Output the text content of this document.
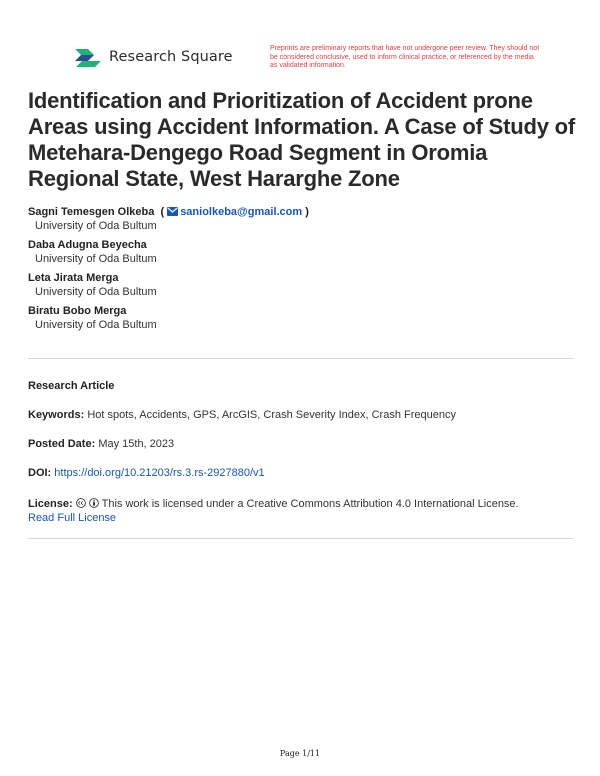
Research Square
Preprints are preliminary reports that have not undergone peer review. They should not be considered conclusive, used to inform clinical practice, or referenced by the media as validated information.
Identification and Prioritization of Accident prone Areas using Accident Information. A Case of Study of Metehara-Dengego Road Segment in Oromia Regional State, West Hararghe Zone
Sagni Temesgen Olkeba  ( saniolkeba@gmail.com )
University of Oda Bultum
Daba Adugna Beyecha
University of Oda Bultum
Leta Jirata Merga
University of Oda Bultum
Biratu Bobo Merga
University of Oda Bultum
Research Article
Keywords: Hot spots, Accidents, GPS, ArcGIS, Crash Severity Index, Crash Frequency
Posted Date: May 15th, 2023
DOI: https://doi.org/10.21203/rs.3.rs-2927880/v1
License:	This work is licensed under a Creative Commons Attribution 4.0 International License.
Read Full License
Page 1/11
